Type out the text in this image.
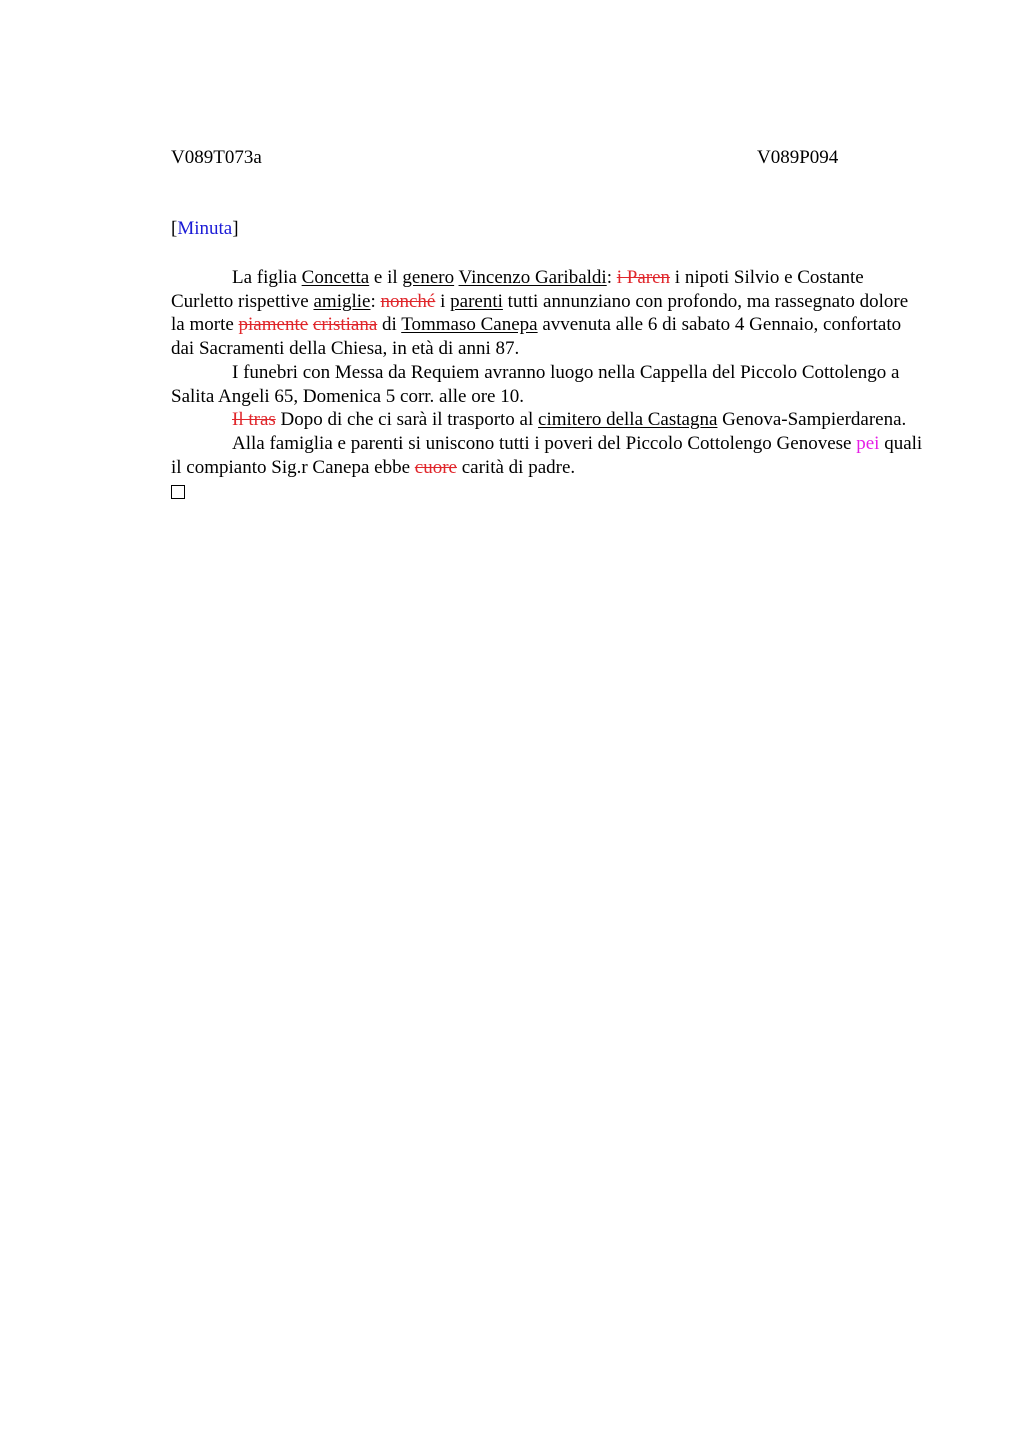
V089T073a	V089P094
[Minuta]

La figlia Concetta e il genero Vincenzo Garibaldi: i Paren i nipoti Silvio e Costante Curletto rispettive amiglie: nonché i parenti tutti annunziano con profondo, ma rassegnato dolore la morte piamente cristiana di Tommaso Canepa avvenuta alle 6 di sabato 4 Gennaio, confortato dai Sacramenti della Chiesa, in età di anni 87.

I funebri con Messa da Requiem avranno luogo nella Cappella del Piccolo Cottolengo a Salita Angeli 65, Domenica 5 corr. alle ore 10.

Il tras Dopo di che ci sarà il trasporto al cimitero della Castagna Genova-Sampierdarena.

Alla famiglia e parenti si uniscono tutti i poveri del Piccolo Cottolengo Genovese pei quali il compianto Sig.r Canepa ebbe cuore carità di padre.
